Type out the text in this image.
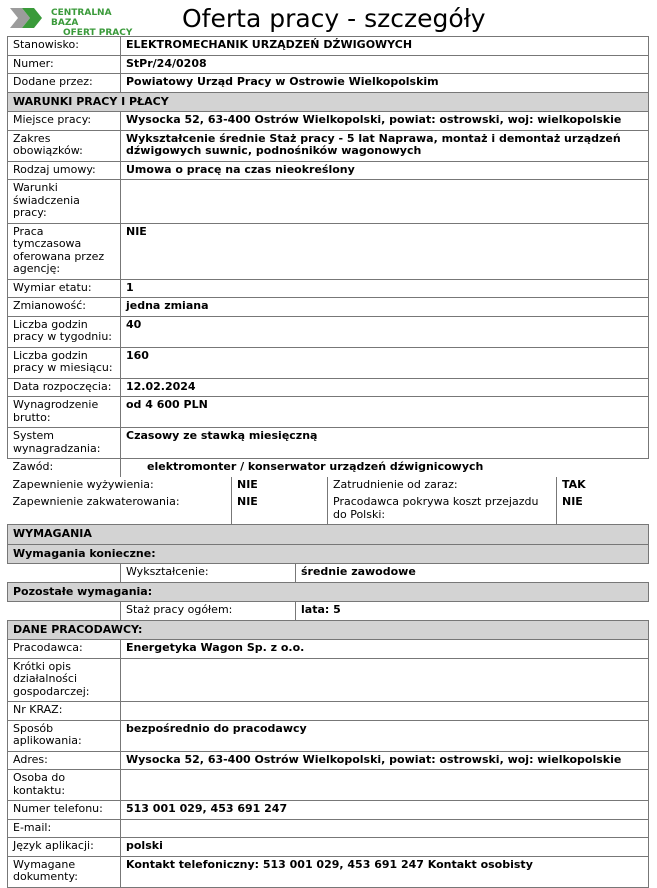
CENTRALNA BAZA
OFERT PRACY Oferta pracy - szczegóły
Stanowisko:	ELEKTROMECHANIK URZĄDZEŃ DŹWIGOWYCH
Numer:	StPr/24/0208
Dodane przez:	Powiatowy Urząd Pracy w Ostrowie Wielkopolskim
WARUNKI PRACY I PŁACY
Miejsce pracy:	Wysocka 52, 63-400 Ostrów Wielkopolski, powiat: ostrowski, woj: wielkopolskie
Zakres obowiązków:	Wykształcenie średnie Staż pracy - 5 lat Naprawa, montaż i demontaż urządzeń dźwigowych suwnic, podnośników wagonowych
Rodzaj umowy:	Umowa o pracę na czas nieokreślony
Warunki świadczenia pracy:	
Praca tymczasowa oferowana przez agencję:	NIE
Wymiar etatu:	1
Zmianowość:	jedna zmiana
Liczba godzin pracy w tygodniu:	40
Liczba godzin pracy w miesiącu:	160
Data rozpoczęcia:	12.02.2024
Wynagrodzenie brutto:	od 4 600 PLN
System wynagradzania:	Czasowy ze stawką miesięczną

Zawód:	elektromonter / konserwator urządzeń dźwignicowych

Zapewnienie wyżywienia:	NIE	Zatrudnienie od zaraz:	TAK

Zapewnienie zakwaterowania:	NIE	Pracodawca pokrywa koszt przejazdu do Polski:	NIE

WYMAGANIA
Wymagania konieczne:

	Wykształcenie:	średnie zawodowe

Pozostałe wymagania:

	Staż pracy ogółem:	lata: 5

DANE PRACODAWCY:
Pracodawca:	Energetyka Wagon Sp. z o.o.
Krótki opis działalności gospodarczej:	
Nr KRAZ:	
Sposób aplikowania:	bezpośrednio do pracodawcy
Adres:	Wysocka 52, 63-400 Ostrów Wielkopolski, powiat: ostrowski, woj: wielkopolskie
Osoba do kontaktu:	
Numer telefonu:	513 001 029, 453 691 247
E-mail:	
Język aplikacji:	polski
Wymagane dokumenty:	Kontakt telefoniczny: 513 001 029, 453 691 247 Kontakt osobisty
